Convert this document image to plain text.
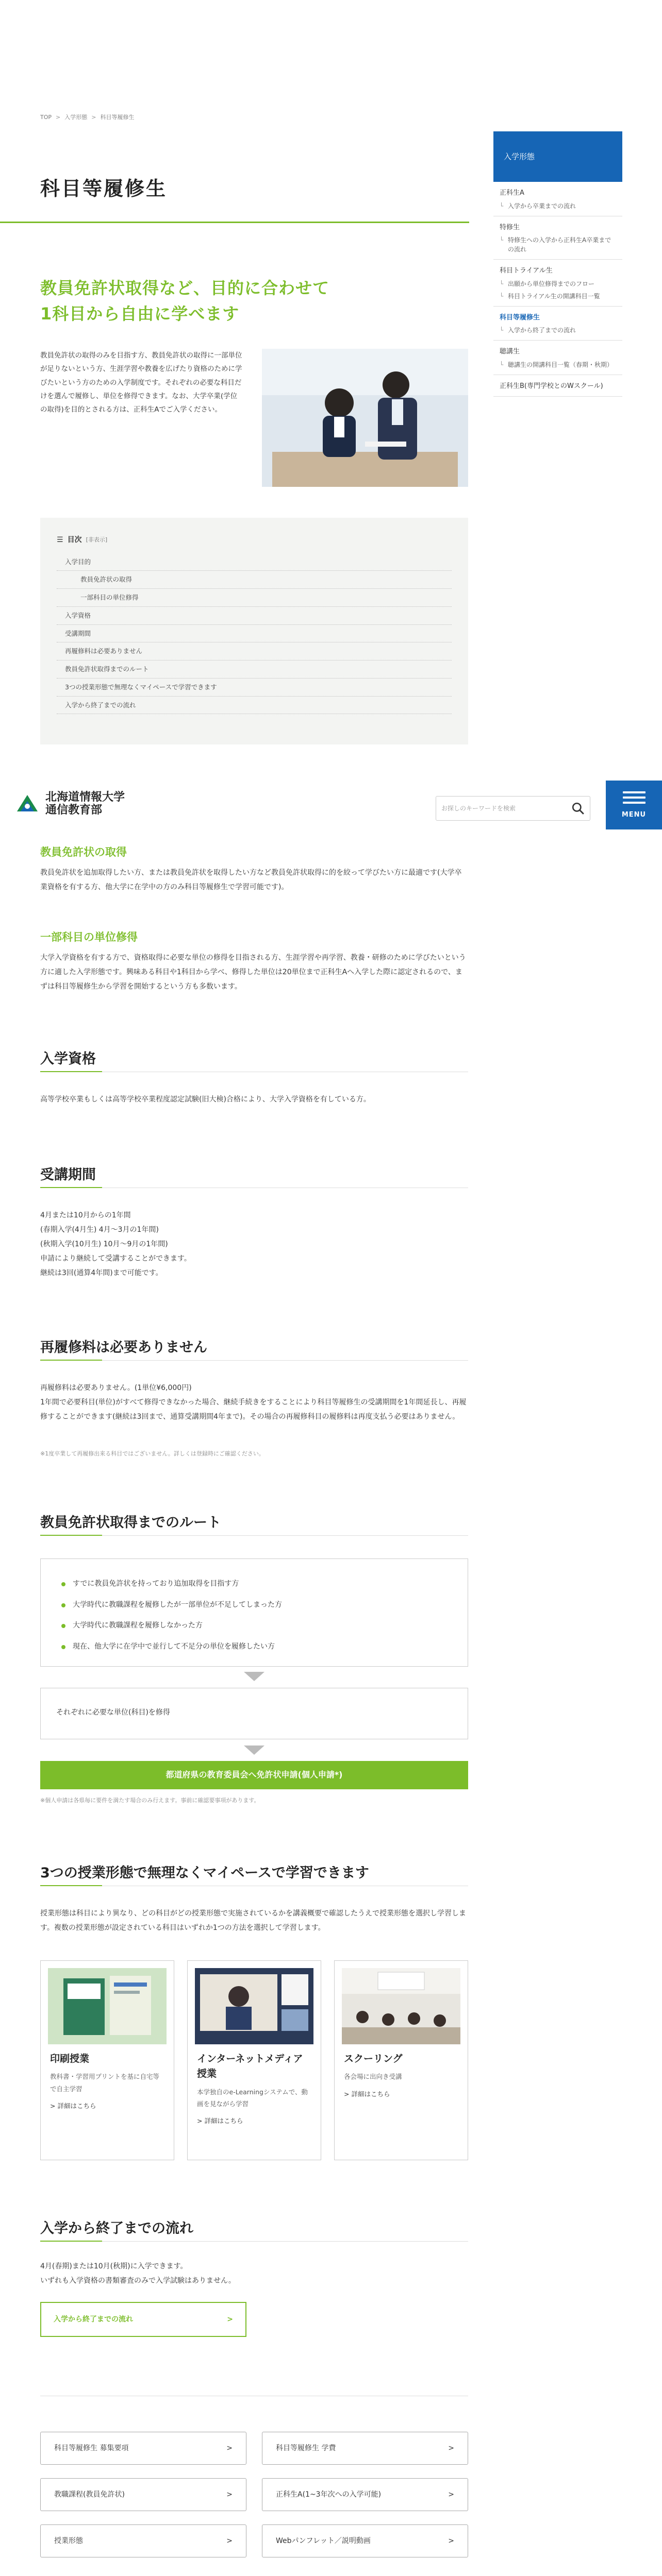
TOP > 入学形態 > 科目等履修生
科目等履修生
入学形態
正科生A
└ 入学から卒業までの流れ
特修生
└ 特修生への入学から正科生A卒業までの流れ
科目トライアル生
└ 出願から単位修得までのフロー
└ 科目トライアル生の開講科目一覧
科目等履修生
└ 入学から終了までの流れ
聴講生
└ 聴講生の開講科目一覧（春期・秋期）
正科生B(専門学校とのWスクール)
教員免許状取得など、目的に合わせて
1科目から自由に学べます

教員免許状の取得のみを目指す方、教員免許状の取得に一部単位が足りないという方、生涯学習や教養を広げたり資格のために学びたいという方のための入学制度です。それぞれの必要な科目だけを選んで履修し、単位を修得できます。なお、大学卒業(学位の取得)を目的とされる方は、正科生Aでご入学ください。

☰ 目次 [非表示]
入学目的
教員免許状の取得
一部科目の単位修得
入学資格
受講期間
再履修料は必要ありません
教員免許状取得までのルート
3つの授業形態で無理なくマイペースで学習できます
入学から終了までの流れ
北海道情報大学
通信教育部	お探しのキーワードを検索
MENU
教員免許状の取得

教員免許状を追加取得したい方、または教員免許状を取得したい方など教員免許状取得に的を絞って学びたい方に最適です(大学卒業資格を有する方、他大学に在学中の方のみ科目等履修生で学習可能です)。

一部科目の単位修得

大学入学資格を有する方で、資格取得に必要な単位の修得を目指される方、生涯学習や再学習、教養・研修のために学びたいという方に適した入学形態です。興味ある科目や1科目から学べ、修得した単位は20単位まで正科生Aへ入学した際に認定されるので、まずは科目等履修生から学習を開始するという方も多数います。

入学資格

高等学校卒業もしくは高等学校卒業程度認定試験(旧大検)合格により、大学入学資格を有している方。

受講期間
4月または10月からの1年間
(春期入学(4月生) 4月～3月の1年間)
(秋期入学(10月生) 10月～9月の1年間)
申請により継続して受講することができます。
継続は3回(通算4年間)まで可能です。
再履修料は必要ありません

再履修料は必要ありません。(1単位¥6,000円)
1年間で必要科目(単位)がすべて修得できなかった場合、継続手続きをすることにより科目等履修生の受講期間を1年間延長し、再履修することができます(継続は3回まで、通算受講期間4年まで)。その場合の再履修科目の履修料は再度支払う必要はありません。

※1度卒業して再履修出来る科目ではございません。詳しくは登録時にご確認ください。

教員免許状取得までのルート
すでに教員免許状を持っており追加取得を目指す方
大学時代に教職課程を履修したが一部単位が不足してしまった方
大学時代に教職課程を履修しなかった方
現在、他大学に在学中で並行して不足分の単位を履修したい方
それぞれに必要な単位(科目)を修得
都道府県の教育委員会へ免許状申請(個人申請*)

※個人申請は各県毎に要件を満たす場合のみ行えます。事前に確認要事項があります。

3つの授業形態で無理なくマイペースで学習できます

授業形態は科目により異なり、どの科目がどの授業形態で実施されているかを講義概要で確認したうえで授業形態を選択し学習します。複数の授業形態が設定されている科目はいずれか1つの方法を選択して学習します。

印刷授業
教科書・学習用プリントを基に自宅等で自主学習
> 詳細はこちら
インターネットメディア授業
本学独自のe-Learningシステムで、動画を見ながら学習
> 詳細はこちら
スクーリング
各会場に出向き受講
> 詳細はこちら
入学から終了までの流れ
4月(春期)または10月(秋期)に入学できます。
いずれも入学資格の書類審査のみで入学試験はありません。
入学から終了までの流れ	>
科目等履修生 募集要項	>	科目等履修生 学費	>
教職課程(教員免許状)	>	正科生A(1~3年次への入学可能)	>
授業形態	>	Webパンフレット／説明動画	>
